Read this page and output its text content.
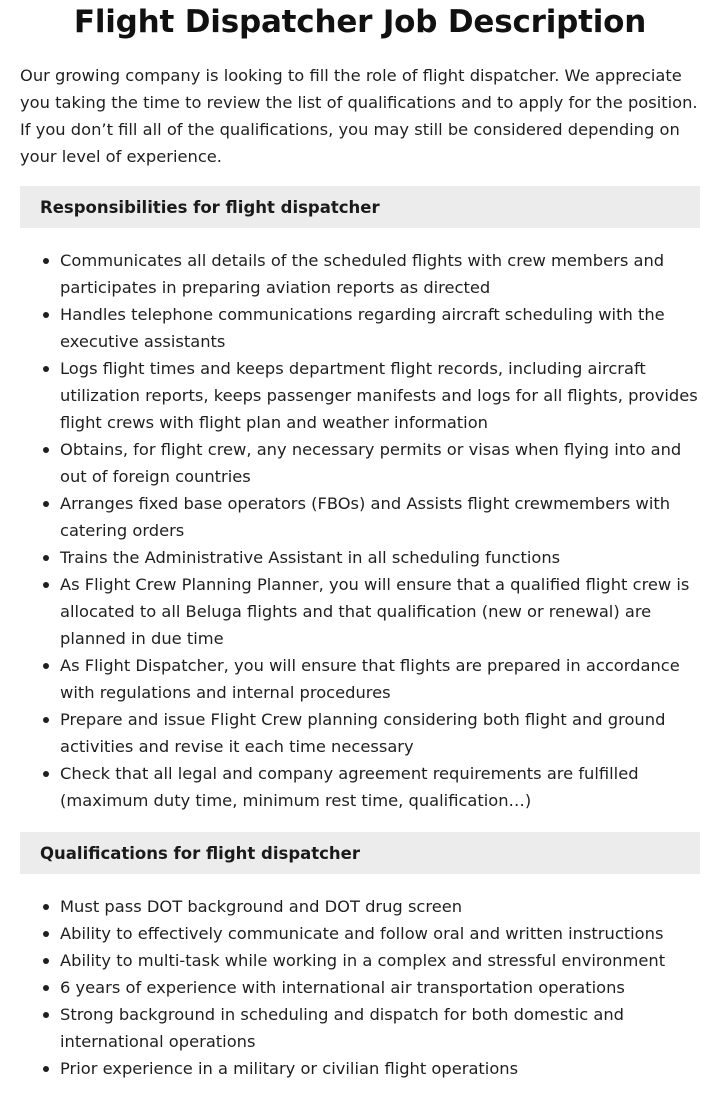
Flight Dispatcher Job Description

Our growing company is looking to fill the role of flight dispatcher. We appreciate you taking the time to review the list of qualifications and to apply for the position. If you don’t fill all of the qualifications, you may still be considered depending on your level of experience.

Responsibilities for flight dispatcher
Communicates all details of the scheduled flights with crew members and participates in preparing aviation reports as directed
Handles telephone communications regarding aircraft scheduling with the executive assistants
Logs flight times and keeps department flight records, including aircraft utilization reports, keeps passenger manifests and logs for all flights, provides flight crews with flight plan and weather information
Obtains, for flight crew, any necessary permits or visas when flying into and out of foreign countries
Arranges fixed base operators (FBOs) and Assists flight crewmembers with catering orders
Trains the Administrative Assistant in all scheduling functions
As Flight Crew Planning Planner, you will ensure that a qualified flight crew is allocated to all Beluga flights and that qualification (new or renewal) are planned in due time
As Flight Dispatcher, you will ensure that flights are prepared in accordance with regulations and internal procedures
Prepare and issue Flight Crew planning considering both flight and ground activities and revise it each time necessary
Check that all legal and company agreement requirements are fulfilled (maximum duty time, minimum rest time, qualification…)
Qualifications for flight dispatcher
Must pass DOT background and DOT drug screen
Ability to effectively communicate and follow oral and written instructions
Ability to multi-task while working in a complex and stressful environment
6 years of experience with international air transportation operations
Strong background in scheduling and dispatch for both domestic and international operations
Prior experience in a military or civilian flight operations
